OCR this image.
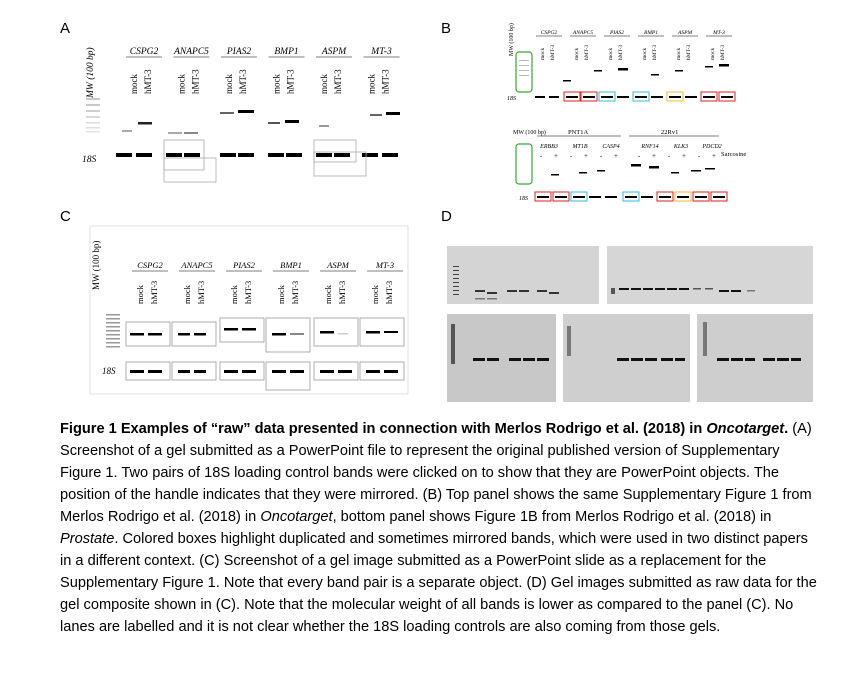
A	B
C	D
MW (100 bp)	CSPG2
mock hMT-3
ANAPC5
mock hMT-3
PIAS2
mock hMT-3
BMP1
mock hMT-3
ASPM
mock hMT-3
MT-3
mock hMT-3
18S
MW (100 bp)	CSPG2
mock hMT-3
ANAPC5
mock hMT-3
PIAS2
mock hMT-3
BMP1
mock hMT-3
ASPM
mock hMT-3
MT-3
mock hMT-3
18S
MW (100 bp)	PNT1A	22Rv1
ERBB3 MT1B CASP4	RNF14	KLK3 PDCD2
- + - + - +	- + - + - + Sarcosine
18S
MW (100 bp)	CSPG2
mock hMT-3
ANAPC5
mock hMT-3
PIAS2
mock hMT-3
BMP1
mock hMT-3
ASPM
mock hMT-3
MT-3
mock hMT-3
18S
Figure 1 Examples of “raw” data presented in connection with Merlos Rodrigo et al. (2018) in Oncotarget. (A) Screenshot of a gel submitted as a PowerPoint file to represent the original published version of Supplementary Figure 1. Two pairs of 18S loading control bands were clicked on to show that they are PowerPoint objects. The position of the handle indicates that they were mirrored. (B) Top panel shows the same Supplementary Figure 1 from Merlos Rodrigo et al. (2018) in Oncotarget, bottom panel shows Figure 1B from Merlos Rodrigo et al. (2018) in Prostate. Colored boxes highlight duplicated and sometimes mirrored bands, which were used in two distinct papers in a different context. (C) Screenshot of a gel image submitted as a PowerPoint slide as a replacement for the Supplementary Figure 1. Note that every band pair is a separate object. (D) Gel images submitted as raw data for the gel composite shown in (C). Note that the molecular weight of all bands is lower as compared to the panel (C). No lanes are labelled and it is not clear whether the 18S loading controls are also coming from those gels.
